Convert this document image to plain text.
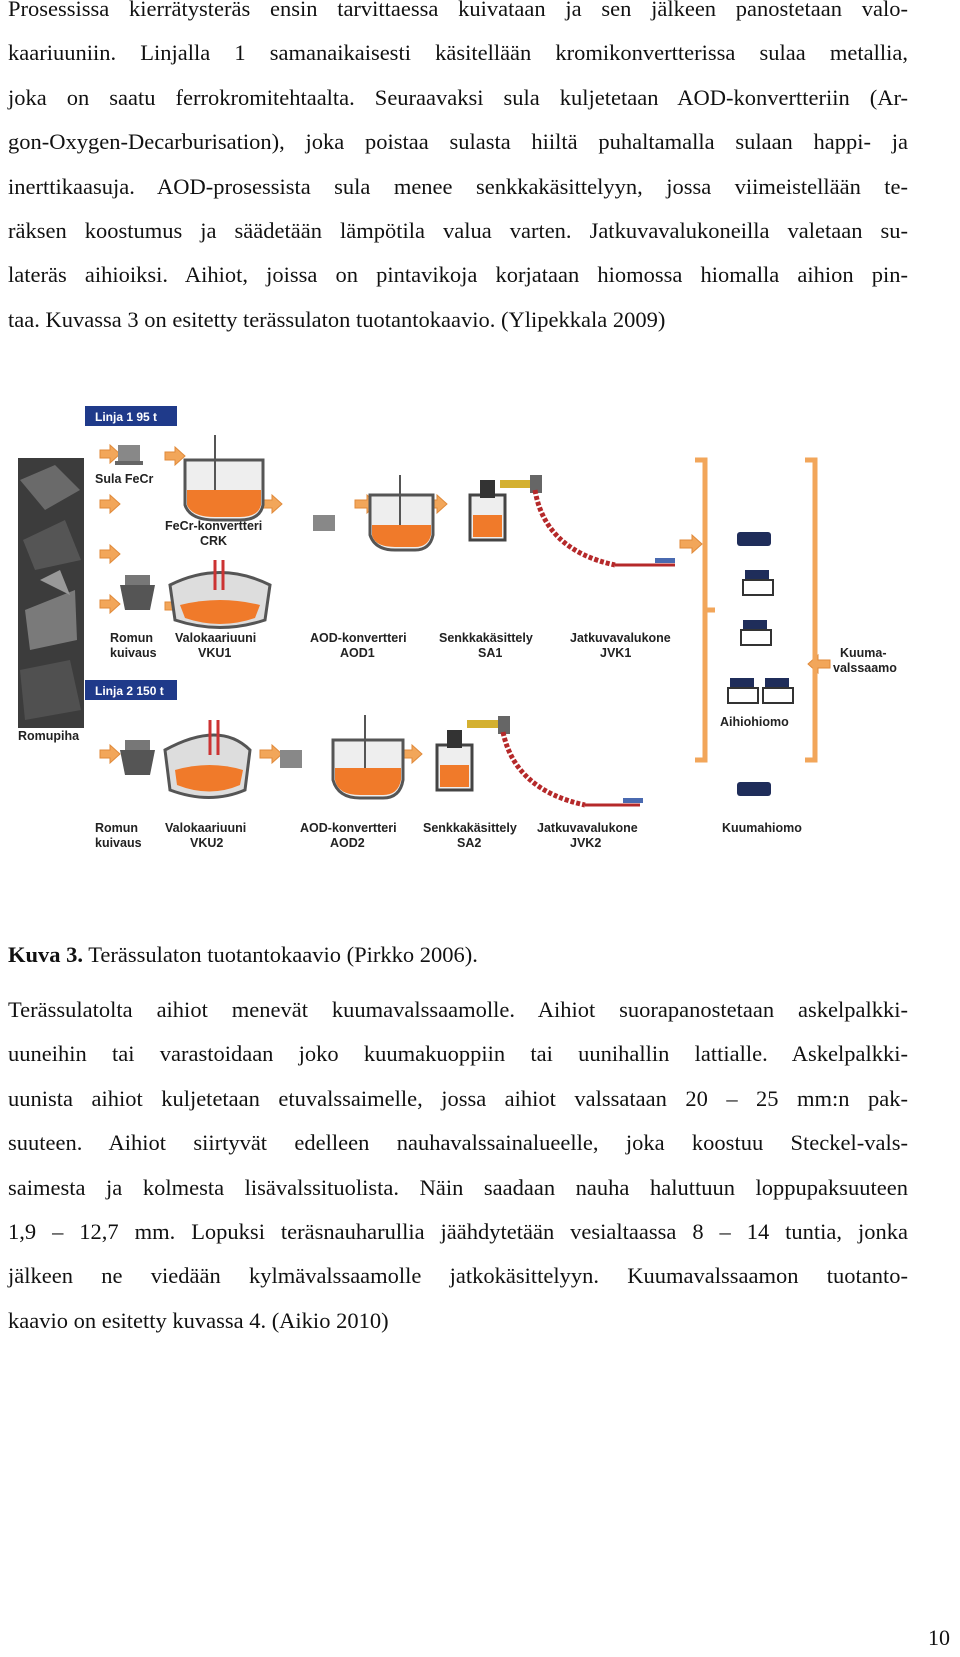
Prosessissa kierrätysteräs ensin tarvittaessa kuivataan ja sen jälkeen panostetaan valo-
kaariuuniin. Linjalla 1 samanaikaisesti käsitellään kromikonvertterissa sulaa metallia,
joka on saatu ferrokromitehtaalta. Seuraavaksi sula kuljetetaan AOD-konvertteriin (Ar-
gon-Oxygen-Decarburisation), joka poistaa sulasta hiiltä puhaltamalla sulaan happi- ja
inerttikaasuja. AOD-prosessista sula menee senkkakäsittelyyn, jossa viimeistellään te-
räksen koostumus ja säädetään lämpötila valua varten. Jatkuvavalukoneilla valetaan su-
lateräs aihioiksi. Aihiot, joissa on pintavikoja korjataan hiomossa hiomalla aihion pin-
taa. Kuvassa 3 on esitetty terässulaton tuotantokaavio. (Ylipekkala 2009)
Romupiha
Linja 1 95 t
Linja 2 150 t
Sula FeCr
FeCr-konvertteri
CRK
Romun
kuivaus
Valokaariuuni
VKU1
AOD-konvertteri
AOD1
Senkkakäsittely
SA1
Jatkuvavalukone
JVK1	Kuuma-
valssaamo
Aihiohiomo
Romun
kuivaus
Valokaariuuni
VKU2
AOD-konvertteri
AOD2
Senkkakäsittely
SA2
Jatkuvavalukone
JVK2
Kuumahiomo

Kuva 3. Terässulaton tuotantokaavio (Pirkko 2006).

Terässulatolta aihiot menevät kuumavalssaamolle. Aihiot suorapanostetaan askelpalkki-
uuneihin tai varastoidaan joko kuumakuoppiin tai uunihallin lattialle. Askelpalkki-
uunista aihiot kuljetetaan etuvalssaimelle, jossa aihiot valssataan 20 – 25 mm:n pak-
suuteen. Aihiot siirtyvät edelleen nauhavalssainalueelle, joka koostuu Steckel-vals-
saimesta ja kolmesta lisävalssituolista. Näin saadaan nauha haluttuun loppupaksuuteen
1,9 – 12,7 mm. Lopuksi teräsnauharullia jäähdytetään vesialtaassa 8 – 14 tuntia, jonka
jälkeen ne viedään kylmävalssaamolle jatkokäsittelyyn. Kuumavalssaamon tuotanto-
kaavio on esitetty kuvassa 4. (Aikio 2010)
10
